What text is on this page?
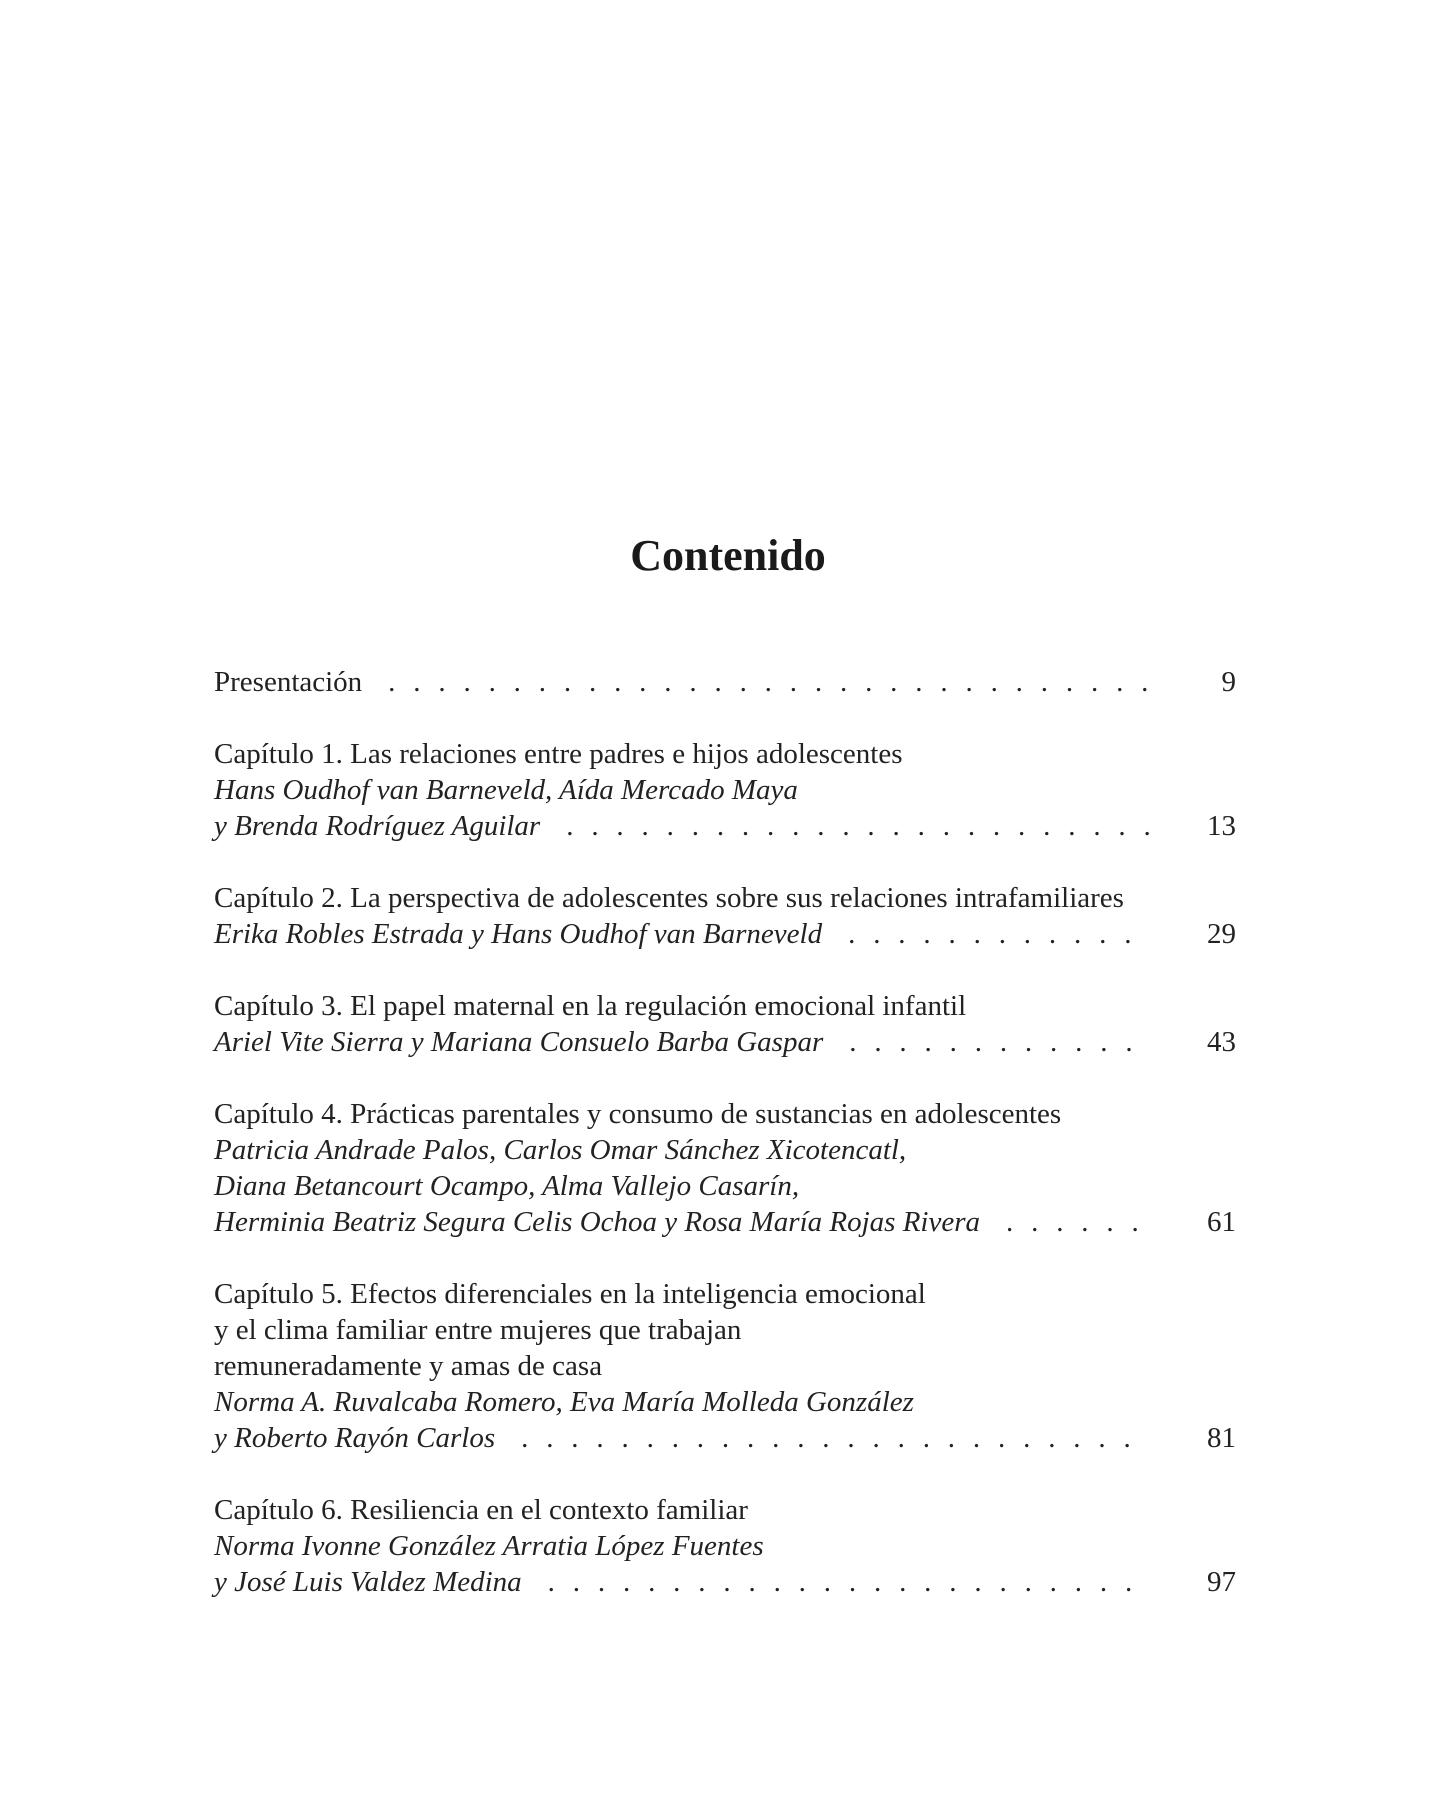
Contenido
Presentación . . .	9
Capítulo 1. Las relaciones entre padres e hijos adolescentes
Hans Oudhof van Barneveld, Aída Mercado Maya
y Brenda Rodríguez Aguilar . . .	13
Capítulo 2. La perspectiva de adolescentes sobre sus relaciones intrafamiliares
Erika Robles Estrada y Hans Oudhof van Barneveld . . .	29
Capítulo 3. El papel maternal en la regulación emocional infantil
Ariel Vite Sierra y Mariana Consuelo Barba Gaspar . . .	43
Capítulo 4. Prácticas parentales y consumo de sustancias en adolescentes
Patricia Andrade Palos, Carlos Omar Sánchez Xicotencatl,
Diana Betancourt Ocampo, Alma Vallejo Casarín,
Herminia Beatriz Segura Celis Ochoa y Rosa María Rojas Rivera . . .	61
Capítulo 5. Efectos diferenciales en la inteligencia emocional
y el clima familiar entre mujeres que trabajan
remuneradamente y amas de casa
Norma A. Ruvalcaba Romero, Eva María Molleda González
y Roberto Rayón Carlos . . .	81
Capítulo 6. Resiliencia en el contexto familiar
Norma Ivonne González Arratia López Fuentes
y José Luis Valdez Medina . . .	97
